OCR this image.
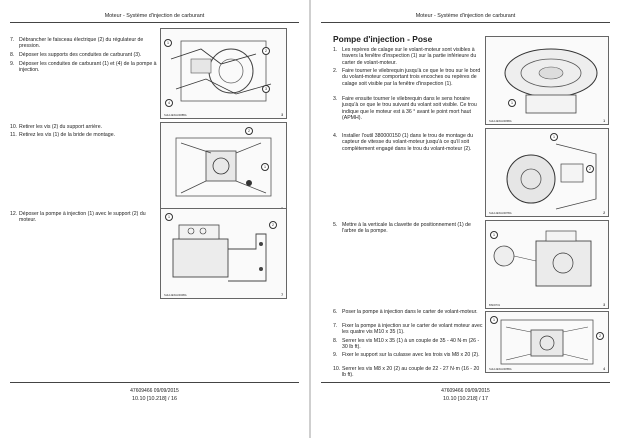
Moteur - Système d'injection de carburant
7. Débrancher le faisceau électrique (2) du régulateur de pression.
8. Déposer les supports des conduites de carburant (3).
9. Déposer les conduites de carburant (1) et (4) de la pompe à injection.
1
2
3
4
SHL14ESG0488BA	3
10. Retirer les vis (2) du support arrière.
11. Retirez les vis (1) de la bride de montage.
1
2
12. Déposer la pompe à injection (1) avec le support (2) du moteur.
1
2
SHL14ESG0490BA	7
47609466 09/09/2015
10.10 [10.218] / 16
Moteur - Système d'injection de carburant
Pompe d'injection - Pose
1. Les repères de calage sur le volant-moteur sont visibles à travers la fenêtre d'inspection (1) sur la partie inférieure du carter de volant-moteur.
2. Faire tourner le vilebrequin jusqu'à ce que le trou sur le bord du volant-moteur comportant trois encoches ou repères de calage soit visible par la fenêtre d'inspection (1).
3. Faire ensuite tourner le vilebrequin dans le sens horaire jusqu'à ce que le trou suivant du volant soit visible. Ce trou indique que le moteur est à 36 ° avant le point mort haut (APMH).
1
SHL14ESG0486BA	1
4. Installer l'outil 380000150 (1) dans le trou de montage du capteur de vitesse du volant-moteur jusqu'à ce qu'il soit complètement engagé dans le trou du volant-moteur (2).
1
2
SHL14ESG0487BA	2
5. Mettre à la verticale la clavette de positionnement (1) de l'arbre de la pompe.
1
BSD0701	3
6. Poser la pompe à injection dans le carter de volant-moteur.
7. Fixer la pompe à injection sur le carter de volant moteur avec les quatre vis M10 x 35 (1).
8. Serrer les vis M10 x 35 (1) à un couple de 35 - 40 N·m (26 - 30 lb ft).
9. Fixer le support sur la culasse avec les trois vis M8 x 20 (2).
10. Serrer les vis M8 x 20 (2) au couple de 22 - 27 N·m (16 - 20 lb ft).
1
2
SHL14ESG0485BA	4
47609466 09/09/2015
10.10 [10.218] / 17
